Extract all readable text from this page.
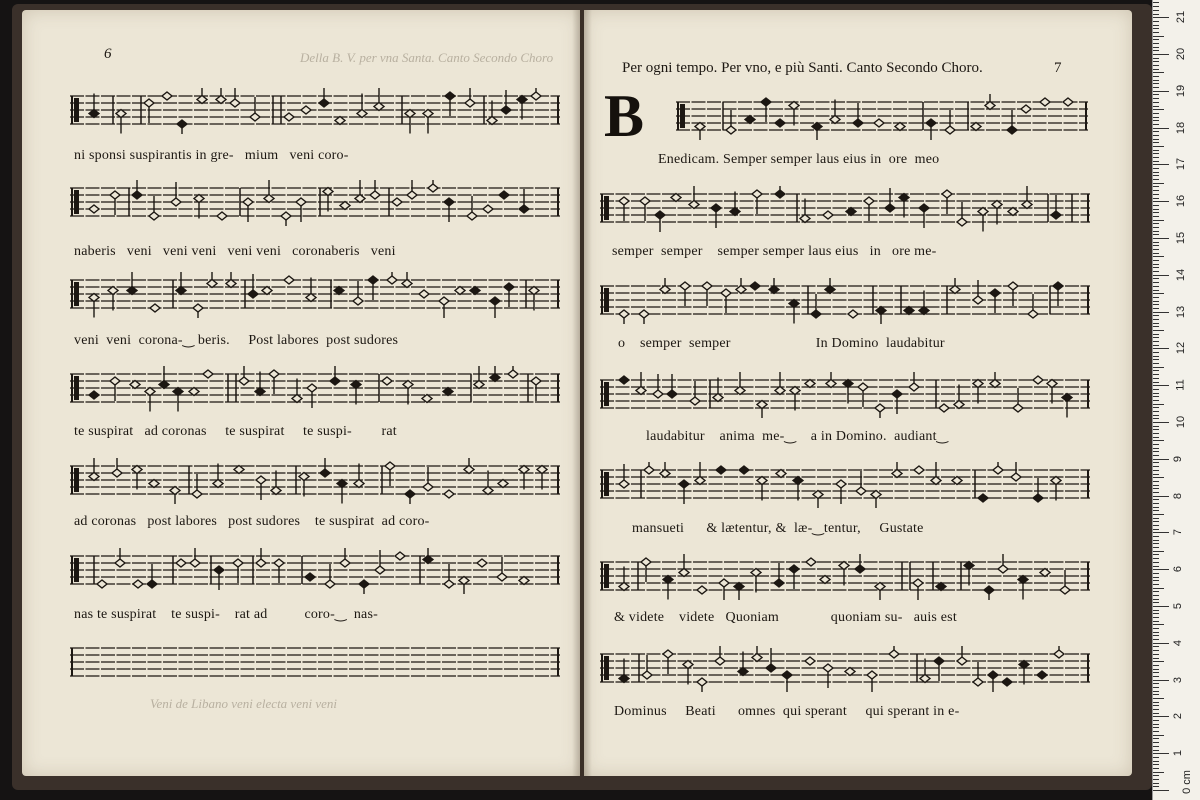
6	Della B. V. per vna Santa. Canto Secondo Choro
Veni de Libano veni electa veni veni
Per ogni tempo. Per vno, e più Santi. Canto Secondo Choro.	7
B
ni sponsi suspirantis in gre-   mium   veni coro-
naberis   veni   veni veni   veni veni   coronaberis   veni
veni  veni  corona-‿ beris.     Post labores  post sudores
te suspirat   ad coronas     te suspirat     te suspi-        rat
ad coronas   post labores   post sudores    te suspirat  ad coro-
nas te suspirat    te suspi-    rat ad          coro-‿  nas-
Enedicam. Semper semper laus eius in  ore  meo
semper  semper    semper semper laus eius   in   ore me-
o    semper  semper                       In Domino  laudabitur
laudabitur    anima  me-‿    a in Domino.  audiant‿
mansueti      & lætentur, &  læ-‿tentur,     Gustate
& videte    videte   Quoniam              quoniam su-   auis est
Dominus     Beati      omnes  qui sperant     qui sperant in e-
0 cm
1
2
3
4
5
6
7
8
9
10
11
12
13
14
15
16
17
18
19
20
21
